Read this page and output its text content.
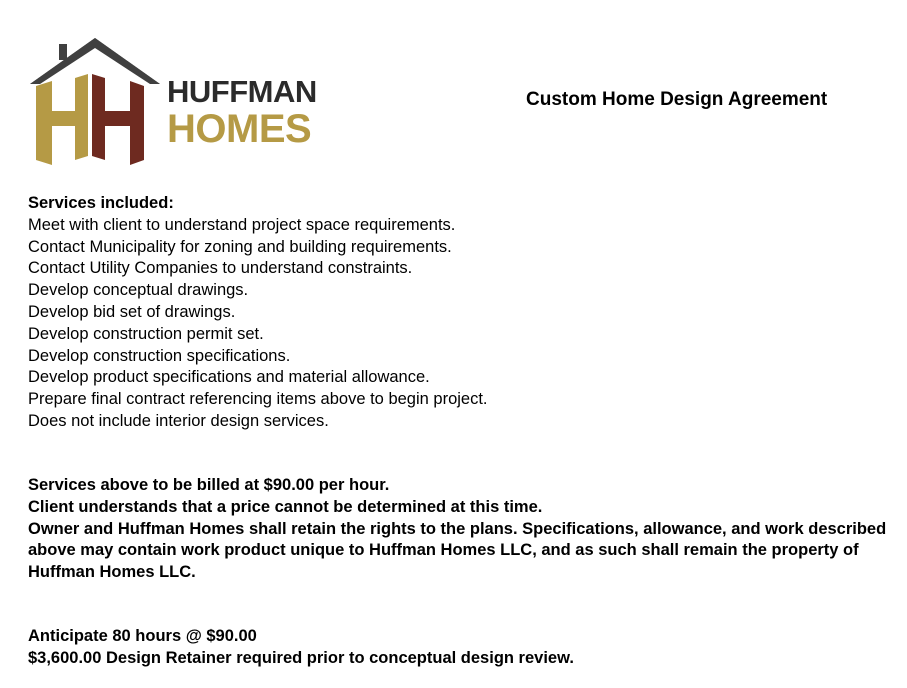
HUFFMAN
HOMES
Custom Home Design Agreement
Services included:
Meet with client to understand project space requirements.
Contact Municipality for zoning and building requirements.
Contact Utility Companies to understand constraints.
Develop conceptual drawings.
Develop bid set of drawings.
Develop construction permit set.
Develop construction specifications.
Develop product specifications and material allowance.
Prepare final contract referencing items above to begin project.
Does not include interior design services.

Services above to be billed at $90.00 per hour.

Client understands that a price cannot be determined at this time.

Owner and Huffman Homes shall retain the rights to the plans. Specifications, allowance, and work described above may contain work product unique to Huffman Homes LLC, and as such shall remain the property of Huffman Homes LLC.

Anticipate 80 hours @ $90.00

$3,600.00 Design Retainer required prior to conceptual design review.
